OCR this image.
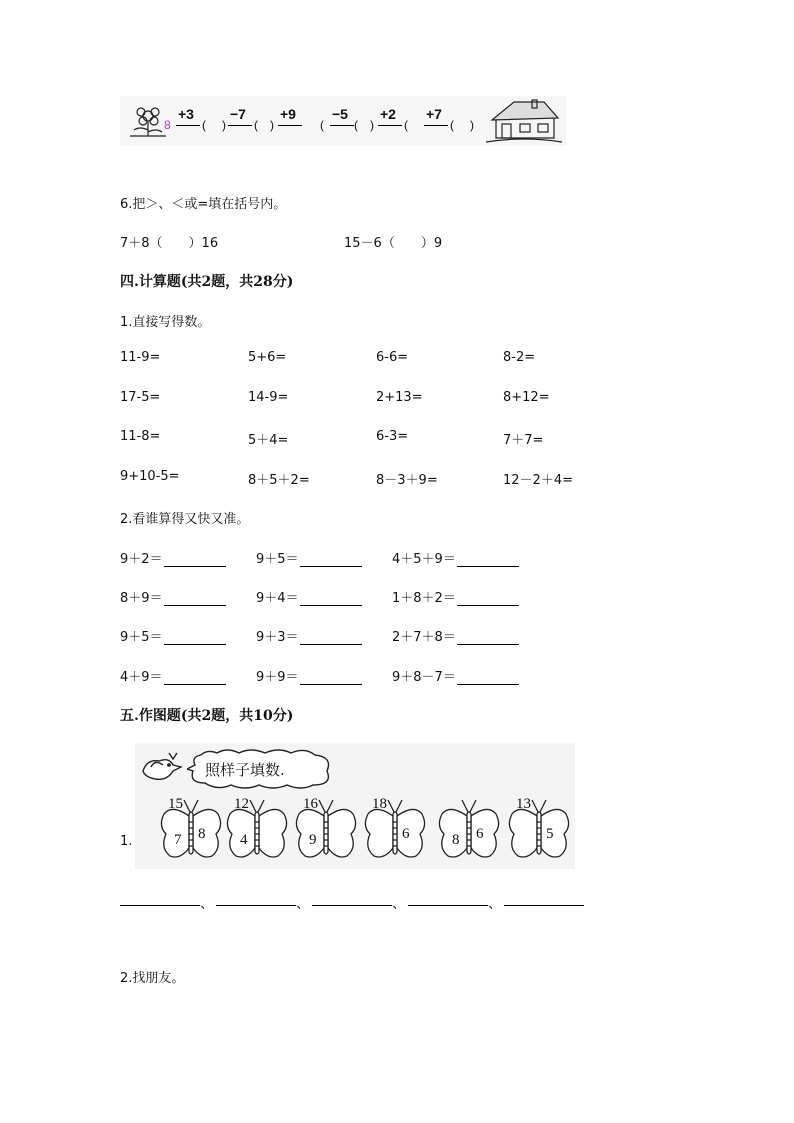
8
+3
( )
−7
( )
+9
(
−5
( )
+2
(
+7
( )
6.把＞、＜或=填在括号内。
7＋8（　　）16	15－6（　　）9
四.计算题(共2题，共28分)
1.直接写得数。
11-9=	5+6=	6-6=	8-2=
17-5=	14-9=	2+13=	8+12=
11-8=	5＋4=	6-3=	7＋7=
9+10-5=	8＋5＋2=	8－3＋9=	12－2＋4=
2.看谁算得又快又准。
9＋2＝	9＋5＝	4＋5＋9＝
8＋9＝	9＋4＝	1＋8＋2＝
9＋5＝	9＋3＝	2＋7＋8＝
4＋9＝	9＋9＝	9＋8－7＝
五.作图题(共2题，共10分)
照样子填数.
1.
15
7 8
12
4
16
9
18
6	8 6
13
5
、	、	、	、
2.找朋友。
